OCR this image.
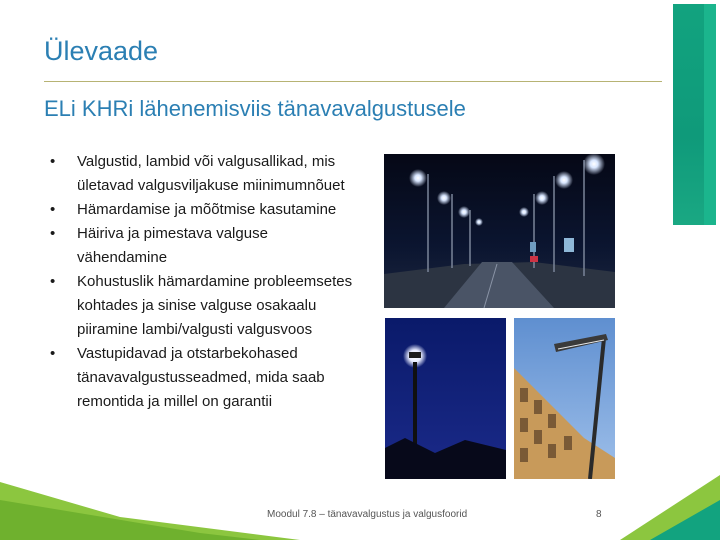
Ülevaade
ELi KHRi lähenemisviis tänavavalgustusele
• Valgustid, lambid või valgusallikad, mis ületavad valgusviljakuse miinimumnõuet
• Hämardamise ja mõõtmise kasutamine
• Häiriva ja pimestava valguse vähendamine
• Kohustuslik hämardamine probleemsetes kohtades ja sinise valguse osakaalu piiramine lambi/valgusti valgusvoos
• Vastupidavad ja otstarbekohased tänavavalgustusseadmed, mida saab remontida ja millel on garantii
Moodul 7.8 – tänavavalgustus ja valgusfoorid	8
